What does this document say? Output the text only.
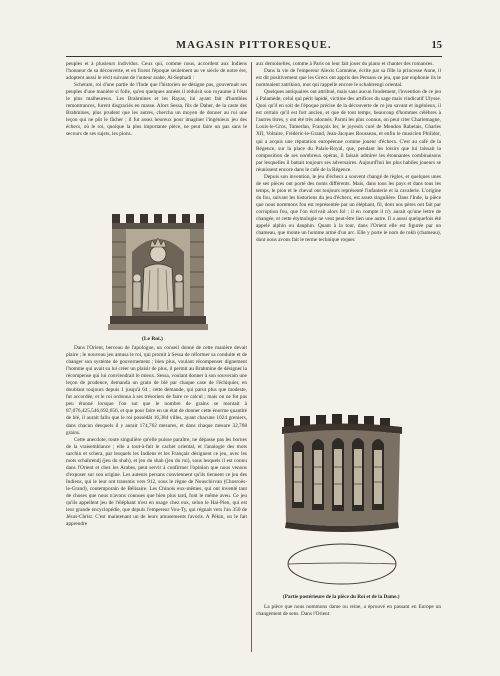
MAGASIN PITTORESQUE.	15

peuples et à plusieurs individus. Ceux qui, comme nous, accordent aux Indiens l'honneur de sa découverte, et en fixent l'époque seulement au ve siècle de notre ère, adoptent aussi le récit suivant de l'auteur arabe, Al-Sephadi :

Scheram, roi d'une partie de l'Inde que l'historien ne désigne pas, gouvernait ses peuples d'une manière si folle, qu'en quelques années il réduisit son royaume à l'état le plus malheureux. Les Brahmines et les Rayas, lui ayant fait d'humbles remontrances, furent disgraciés en masse. Alors Sessa, fils de Daher, de la caste des Brahmines, plus prudent que les autres, chercha un moyen de donner au roi une leçon qui ne pût le fâcher ; il fut assez heureux pour imaginer l'ingénieux jeu des échecs, où le roi, quoique la plus importante pièce, ne peut faire un pas sans le secours de ses sujets, les pions.

(Le Roi.)

Dans l'Orient, berceau de l'apologue, un conseil donné de cette manière devait plaire ; le nouveau jeu amusa le roi, qui promit à Sessa de réformer sa conduite et de changer son système de gouvernement ; bien plus, voulant récompenser dignement l'homme qui avait su lui créer un plaisir de plus, il permit au Brahmine de désigner la récompense qui lui conviendrait le mieux. Sessa, voulant donner à son souverain une leçon de prudence, demanda un grain de blé par chaque case de l'échiquier, en doublant toujours depuis 1 jusqu'à 64 ; cette demande, qui parut plus que modeste, fut accordée, et le roi ordonna à ses trésoriers de faire ce calcul ; mais on ne fut pas peu étonné lorsque l'on sut que le nombre de grains se montait à 87,076,425,546,692,656, et que pour faire en un état de donner cette énorme quantité de blé, il aurait fallu que le roi possédât 16,384 villes, ayant chacune 1024 greniers, dans chacun desquels il y aurait 174,762 mesures, et dans chaque mesure 32,768 grains.

Cette anecdote, toute singulière qu'elle puisse paraître, ne dépasse pas les bornes de la vraisemblance ; elle a tout-à-fait le cachet oriental, et l'analogie des mots sarchin et schera, par lesquels les Indiens et les Français désignent ce jeu, avec les mots schahrendj (jeu du shah), et jeu du shah (jeu du roi), sous lesquels il est connu dans l'Orient et chez les Arabes, peut servir à confirmer l'opinion que nous venons d'exposer sur son origine. Les auteurs persans conviennent qu'ils tiennent ce jeu des Indiens, qui le leur ont transmis vers 912, sous le règne de Nouschirvan (Chosroès-le-Grand), contemporain de Bélisaire. Les Chinois eux-mêmes, qui ont inventé tant de choses que nous n'avons connues que bien plus tard, font le même aveu. Ce jeu qu'ils appellent jeu de l'éléphant n'est en usage chez eux, selon le Hai-Pien, qui est leur grande encyclopédie, que depuis l'empereur Vou-Ty, qui régnait vers l'an 350 de Jésus-Christ. C'est maintenant un de leurs amusements favoris. A Pékin, on le fait apprendre

aux demoiselles, comme à Paris on leur fait jouer du piano et chanter des romances.

Dans la vie de l'empereur Alexis Comnène, écrite par sa fille la princesse Anne, il est dit positivement que les Grecs ont appris des Persans ce jeu, que par euphonie ils le nommaient zatrikion, mot qui rappelle encore le schahtrengi oriental.

Quelques antiquaires ont attribué, mais sans aucun fondement, l'invention de ce jeu à Palamède, celui qui périt lapidé, victime des artifices du sage mais vindicatif Ulysse. Quoi qu'il en soit de l'époque précise de la découverte de ce jeu savant et ingénieux, il est certain qu'il est fort ancien, et que de tout temps, beaucoup d'hommes célèbres à l'autres titres, y ont été très adonnés. Parmi les plus connus, on peut citer Charlemagne, Louis-le-Gros, Tamerlan, François Ier, le joyeulx curé de Meudon Rabelais, Charles XII, Voltaire, Frédéric-le-Grand, Jean-Jacques Rousseau, et enfin le musicien Philidor, qui a acquis une réputation européenne comme joueur d'échecs. C'est au café de la Régence, sur la place du Palais-Royal, que, pendant les loisirs que lui laissait la composition de ses nombreux opéras, il faisait admirer les étonnantes combinaisons par lesquelles il battait toujours ses adversaires. Aujourd'hui les plus habiles joueurs se réunissent encore dans le café de la Régence.

Depuis son invention, le jeu d'échecs a souvent changé de règles, et quelques unes de ses pièces ont porté des noms différents. Mais, dans tous les pays et dans tous les temps, le pion et le cheval ont toujours représenté l'infanterie et la cavalerie. L'origine du fou, suivant les historiens du jeu d'échecs, est assez singulière. Dans l'Inde, la pièce que nous nommons fou est représentée par un éléphant, fil, dont nos pères ont fait par corruption fou, que l'on écrivait alors fol ; il en compte il n'y aurait qu'une lettre de changée, et cette étymologie ne veut peut-être lien une autre. Il a aussi quelquefois été appelé alphin ou dauphin. Quant à la tour, dans l'Orient elle est figurée par un chameau, que monte un homme armé d'un arc. Elle y porte le nom de rokh (chameau), dont nous avons fait le terme technique roquer.

(Partie postérieure de la pièce du Roi et de la Dame.)

La pièce que nous nommons dame ou reine, a éprouvé en passant en Europe un changement de sens. Dans l'Orient
